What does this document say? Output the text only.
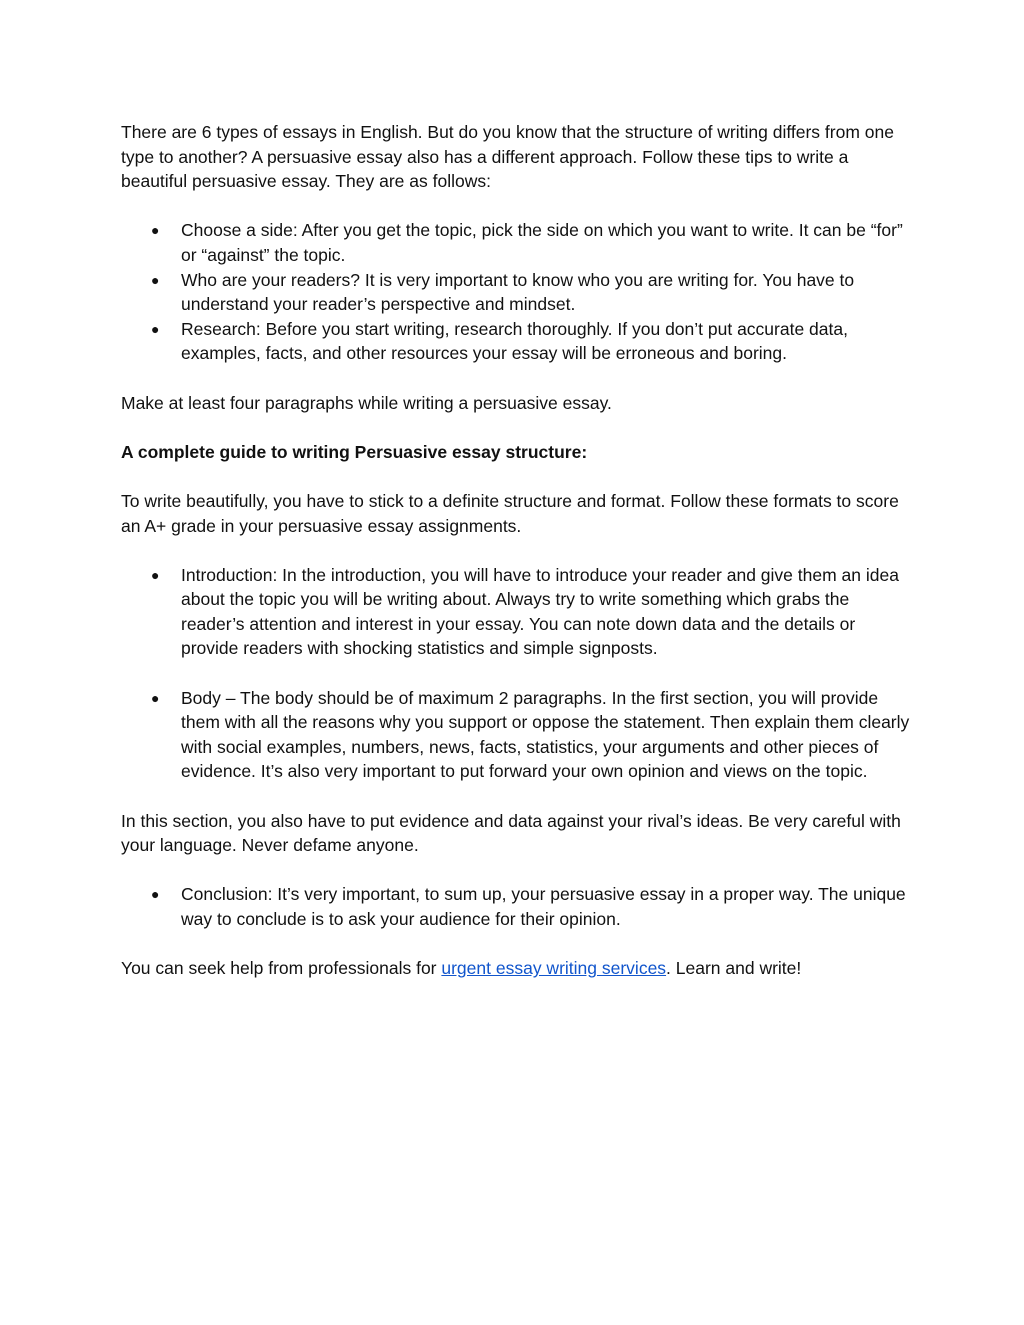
There are 6 types of essays in English. But do you know that the structure of writing differs from one type to another? A persuasive essay also has a different approach. Follow these tips to write a beautiful persuasive essay. They are as follows:

● Choose a side: After you get the topic, pick the side on which you want to write. It can be “for” or “against” the topic.
● Who are your readers? It is very important to know who you are writing for. You have to understand your reader’s perspective and mindset.
● Research: Before you start writing, research thoroughly. If you don’t put accurate data, examples, facts, and other resources your essay will be erroneous and boring.

Make at least four paragraphs while writing a persuasive essay.

A complete guide to writing Persuasive essay structure:

To write beautifully, you have to stick to a definite structure and format. Follow these formats to score an A+ grade in your persuasive essay assignments.

● Introduction: In the introduction, you will have to introduce your reader and give them an idea about the topic you will be writing about. Always try to write something which grabs the reader’s attention and interest in your essay. You can note down data and the details or provide readers with shocking statistics and simple signposts.
● Body – The body should be of maximum 2 paragraphs. In the first section, you will provide them with all the reasons why you support or oppose the statement. Then explain them clearly with social examples, numbers, news, facts, statistics, your arguments and other pieces of evidence. It’s also very important to put forward your own opinion and views on the topic.

In this section, you also have to put evidence and data against your rival’s ideas. Be very careful with your language. Never defame anyone.

● Conclusion: It’s very important, to sum up, your persuasive essay in a proper way. The unique way to conclude is to ask your audience for their opinion.

You can seek help from professionals for urgent essay writing services. Learn and write!
